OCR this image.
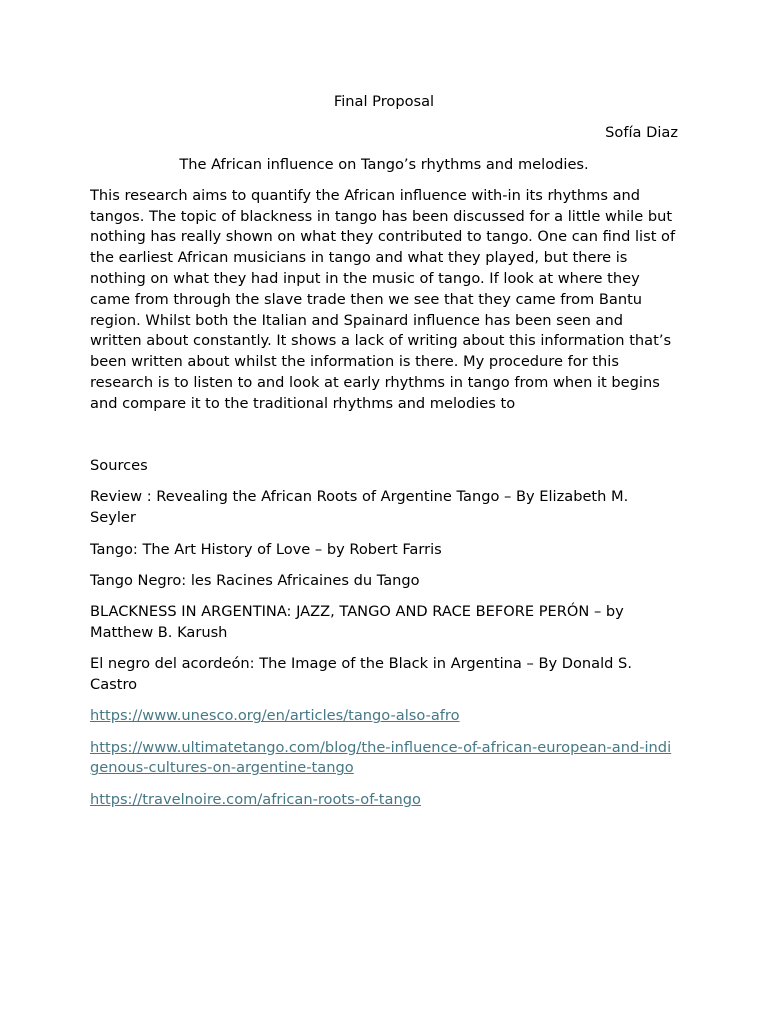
Final Proposal

Sofía Diaz

The African influence on Tango’s rhythms and melodies.

This research aims to quantify the African influence with-in its rhythms and tangos. The topic of blackness in tango has been discussed for a little while but nothing has really shown on what they contributed to tango. One can find list of the earliest African musicians in tango and what they played, but there is nothing on what they had input in the music of tango. If look at where they came from through the slave trade then we see that they came from Bantu region. Whilst both the Italian and Spainard influence has been seen and written about constantly. It shows a lack of writing about this information that’s been written about whilst the information is there. My procedure for this research is to listen to and look at early rhythms in tango from when it begins and compare it to the traditional rhythms and melodies to

Sources

Review : Revealing the African Roots of Argentine Tango – By Elizabeth M. Seyler

Tango: The Art History of Love – by Robert Farris

Tango Negro: les Racines Africaines du Tango

BLACKNESS IN ARGENTINA: JAZZ, TANGO AND RACE BEFORE PERÓN – by Matthew B. Karush

El negro del acordeón: The Image of the Black in Argentina – By Donald S. Castro

https://www.unesco.org/en/articles/tango-also-afro

https://www.ultimatetango.com/blog/the-influence-of-african-european-and-indigenous-cultures-on-argentine-tango

https://travelnoire.com/african-roots-of-tango
